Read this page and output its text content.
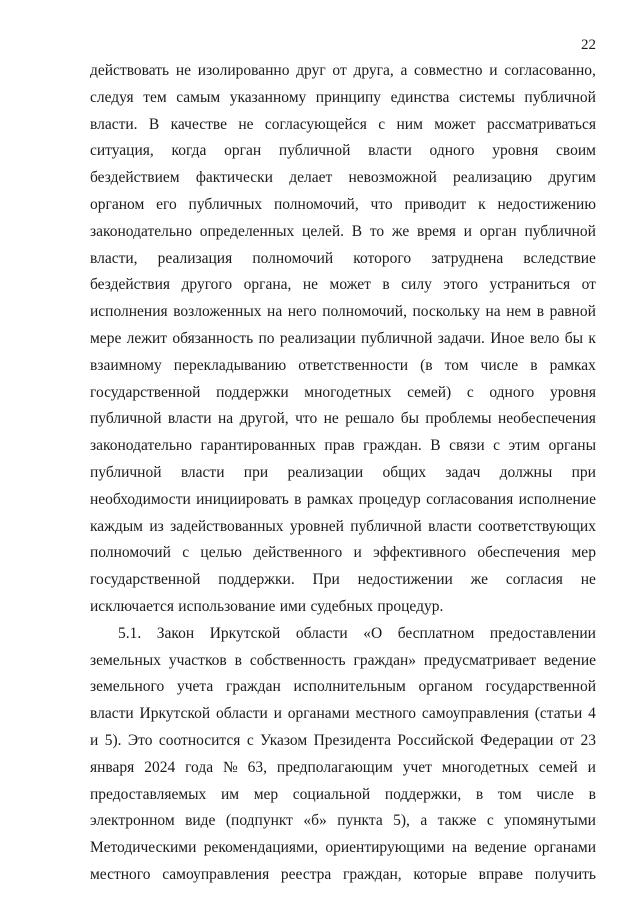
22
действовать не изолированно друг от друга, а совместно и согласованно,
следуя тем самым указанному принципу единства системы публичной
власти. В качестве не согласующейся с ним может рассматриваться
ситуация, когда орган публичной власти одного уровня своим
бездействием фактически делает невозможной реализацию другим
органом его публичных полномочий, что приводит к недостижению
законодательно определенных целей. В то же время и орган публичной
власти, реализация полномочий которого затруднена вследствие
бездействия другого органа, не может в силу этого устраниться от
исполнения возложенных на него полномочий, поскольку на нем в равной
мере лежит обязанность по реализации публичной задачи. Иное вело бы к
взаимному перекладыванию ответственности (в том числе в рамках
государственной поддержки многодетных семей) с одного уровня
публичной власти на другой, что не решало бы проблемы необеспечения
законодательно гарантированных прав граждан. В связи с этим органы
публичной власти при реализации общих задач должны при
необходимости инициировать в рамках процедур согласования исполнение
каждым из задействованных уровней публичной власти соответствующих
полномочий с целью действенного и эффективного обеспечения мер
государственной поддержки. При недостижении же согласия не
исключается использование ими судебных процедур.
5.1. Закон Иркутской области «О бесплатном предоставлении
земельных участков в собственность граждан» предусматривает ведение
земельного учета граждан исполнительным органом государственной
власти Иркутской области и органами местного самоуправления (статьи 4
и 5). Это соотносится с Указом Президента Российской Федерации от 23
января 2024 года № 63, предполагающим учет многодетных семей и
предоставляемых им мер социальной поддержки, в том числе в
электронном виде (подпункт «б» пункта 5), а также с упомянутыми
Методическими рекомендациями, ориентирующими на ведение органами
местного самоуправления реестра граждан, которые вправе получить
